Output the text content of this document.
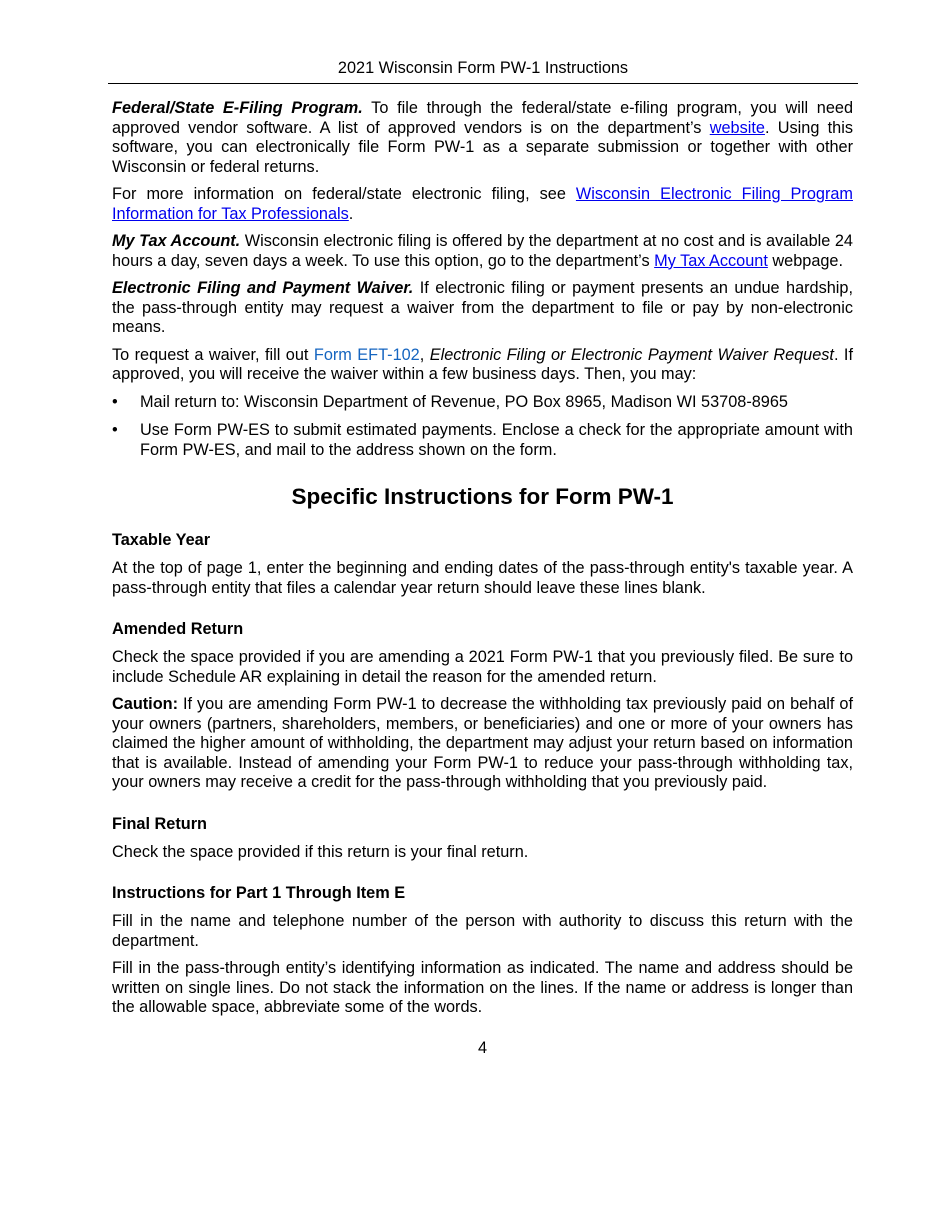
2021 Wisconsin Form PW-1 Instructions

Federal/State E-Filing Program. To file through the federal/state e-filing program, you will need approved vendor software. A list of approved vendors is on the department’s website. Using this software, you can electronically file Form PW-1 as a separate submission or together with other Wisconsin or federal returns.

For more information on federal/state electronic filing, see Wisconsin Electronic Filing Program Information for Tax Professionals.

My Tax Account. Wisconsin electronic filing is offered by the department at no cost and is available 24 hours a day, seven days a week. To use this option, go to the department’s My Tax Account webpage.

Electronic Filing and Payment Waiver. If electronic filing or payment presents an undue hardship, the pass-through entity may request a waiver from the department to file or pay by non-electronic means.

To request a waiver, fill out Form EFT-102, Electronic Filing or Electronic Payment Waiver Request. If approved, you will receive the waiver within a few business days. Then, you may:

• Mail return to: Wisconsin Department of Revenue, PO Box 8965, Madison WI 53708-8965
• Use Form PW-ES to submit estimated payments. Enclose a check for the appropriate amount with Form PW-ES, and mail to the address shown on the form.
Specific Instructions for Form PW-1
Taxable Year

At the top of page 1, enter the beginning and ending dates of the pass-through entity's taxable year. A pass-through entity that files a calendar year return should leave these lines blank.

Amended Return

Check the space provided if you are amending a 2021 Form PW-1 that you previously filed. Be sure to include Schedule AR explaining in detail the reason for the amended return.

Caution: If you are amending Form PW-1 to decrease the withholding tax previously paid on behalf of your owners (partners, shareholders, members, or beneficiaries) and one or more of your owners has claimed the higher amount of withholding, the department may adjust your return based on information that is available. Instead of amending your Form PW-1 to reduce your pass-through withholding tax, your owners may receive a credit for the pass-through withholding that you previously paid.

Final Return

Check the space provided if this return is your final return.

Instructions for Part 1 Through Item E

Fill in the name and telephone number of the person with authority to discuss this return with the department.

Fill in the pass-through entity’s identifying information as indicated. The name and address should be written on single lines. Do not stack the information on the lines. If the name or address is longer than the allowable space, abbreviate some of the words.

4
